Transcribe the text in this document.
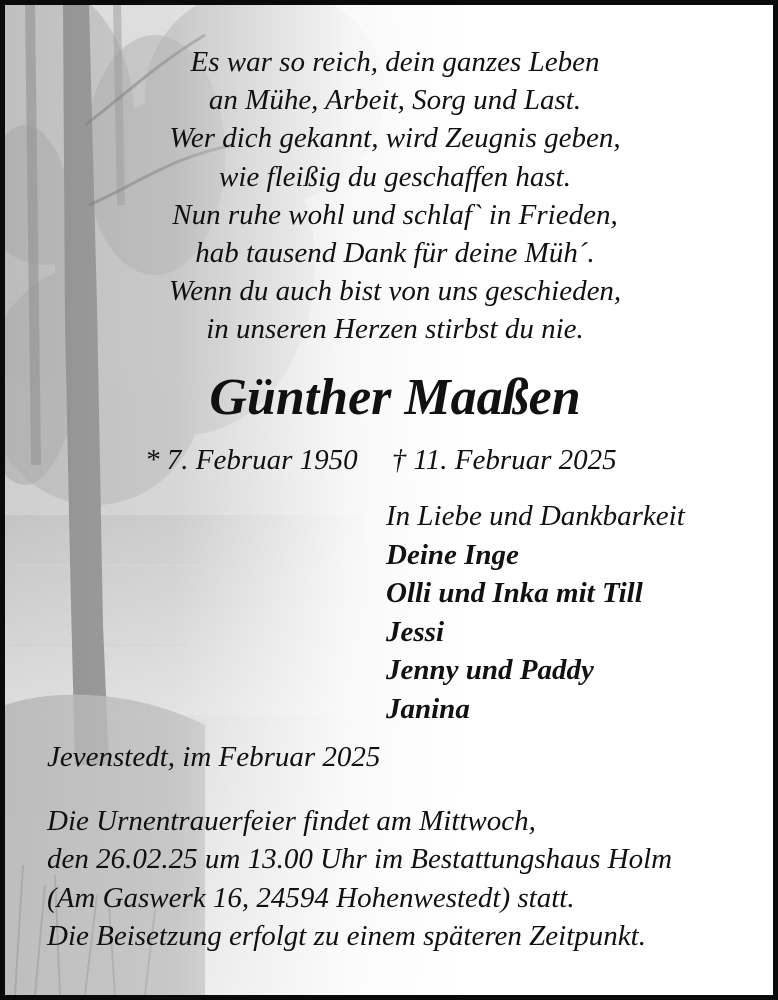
Es war so reich, dein ganzes Leben
an Mühe, Arbeit, Sorg und Last.
Wer dich gekannt, wird Zeugnis geben,
wie fleißig du geschaffen hast.
Nun ruhe wohl und schlaf` in Frieden,
hab tausend Dank für deine Müh´.
Wenn du auch bist von uns geschieden,
in unseren Herzen stirbst du nie.
Günther Maaßen
* 7. Februar 1950 † 11. Februar 2025
In Liebe und Dankbarkeit
Deine Inge
Olli und Inka mit Till
Jessi
Jenny und Paddy
Janina
Jevenstedt, im Februar 2025
Die Urnentrauerfeier findet am Mittwoch,
den 26.02.25 um 13.00 Uhr im Bestattungshaus Holm
(Am Gaswerk 16, 24594 Hohenwestedt) statt.
Die Beisetzung erfolgt zu einem späteren Zeitpunkt.
